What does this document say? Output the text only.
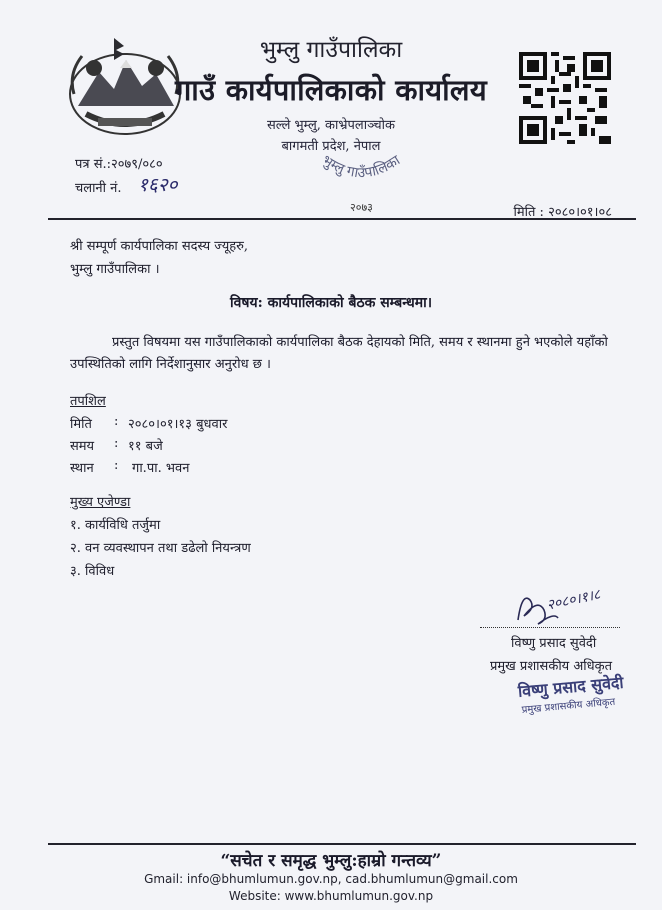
भुम्लु गाउँपालिका
गाउँ कार्यपालिकाको कार्यालय
सल्ले भुम्लु, काभ्रेपलाञ्चोक
बागमती प्रदेश, नेपाल
भुम्लु गाउँपालिका
पत्र सं.:२०७९/०८०
चलानी नं. १६२०
२०७३	मिति : २०८०।०१।०८
श्री सम्पूर्ण कार्यपालिका सदस्य ज्यूहरु,
भुम्लु गाउँपालिका ।
विषय: कार्यपालिकाको बैठक सम्बन्धमा।
प्रस्तुत विषयमा यस गाउँपालिकाको कार्यपालिका बैठक देहायको मिति, समय र स्थानमा हुने भएकोले यहाँको उपस्थितिको लागि निर्देशानुसार अनुरोध छ ।
तपशिल
मिति : २०८०।०१।१३ बुधवार
समय : ११ बजे
स्थान : गा.पा. भवन
मुख्य एजेण्डा
१. कार्यविधि तर्जुमा
२. वन व्यवस्थापन तथा डढेलो नियन्त्रण
३. विविध
२०८०।१।८
विष्णु प्रसाद सुवेदी
प्रमुख प्रशासकीय अधिकृत
विष्णु प्रसाद सुवेदी
प्रमुख प्रशासकीय अधिकृत
“सचेत र समृद्ध भुम्लु:हाम्रो गन्तव्य”
Gmail: info@bhumlumun.gov.np, cad.bhumlumun@gmail.com
Website: www.bhumlumun.gov.np
